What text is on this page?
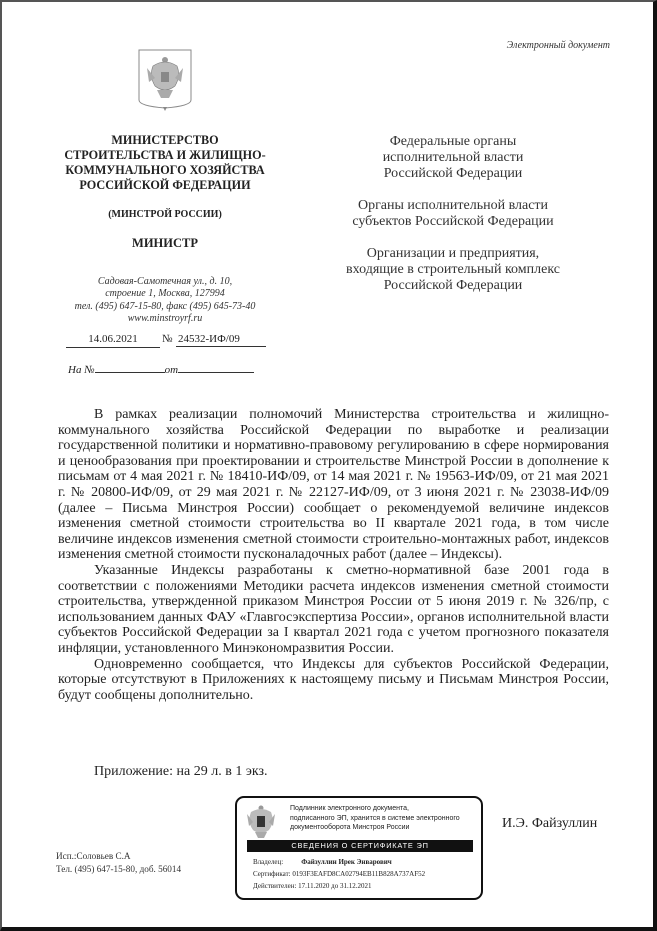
Электронный документ
МИНИСТЕРСТВО
СТРОИТЕЛЬСТВА И ЖИЛИЩНО-
КОММУНАЛЬНОГО ХОЗЯЙСТВА
РОССИЙСКОЙ ФЕДЕРАЦИИ
(МИНСТРОЙ РОССИИ)
МИНИСТР
Садовая-Самотечная ул., д. 10,
строение 1, Москва, 127994
тел. (495) 647-15-80, факс (495) 645-73-40
www.minstroyrf.ru
14.06.2021	№ 24532-ИФ/09
На №	от

Федеральные органы
исполнительной власти
Российской Федерации

Органы исполнительной власти
субъектов Российской Федерации

Организации и предприятия,
входящие в строительный комплекс
Российской Федерации

В рамках реализации полномочий Министерства строительства и жилищно-коммунального хозяйства Российской Федерации по выработке и реализации государственной политики и нормативно-правовому регулированию в сфере нормирования и ценообразования при проектировании и строительстве Минстрой России в дополнение к письмам от 4 мая 2021 г. № 18410-ИФ/09, от 14 мая 2021 г. № 19563-ИФ/09, от 21 мая 2021 г. № 20800-ИФ/09, от 29 мая 2021 г. № 22127-ИФ/09, от 3 июня 2021 г. № 23038-ИФ/09 (далее – Письма Минстроя России) сообщает о рекомендуемой величине индексов изменения сметной стоимости строительства во II квартале 2021 года, в том числе величине индексов изменения сметной стоимости строительно-монтажных работ, индексов изменения сметной стоимости пусконаладочных работ (далее – Индексы).

Указанные Индексы разработаны к сметно-нормативной базе 2001 года в соответствии с положениями Методики расчета индексов изменения сметной стоимости строительства, утвержденной приказом Минстроя России от 5 июня 2019 г. № 326/пр, с использованием данных ФАУ «Главгосэкспертиза России», органов исполнительной власти субъектов Российской Федерации за I квартал 2021 года с учетом прогнозного показателя инфляции, установленного Минэкономразвития России.

Одновременно сообщается, что Индексы для субъектов Российской Федерации, которые отсутствуют в Приложениях к настоящему письму и Письмам Минстроя России, будут сообщены дополнительно.

Приложение: на 29 л. в 1 экз.
Подлинник электронного документа,
подписанного ЭП, хранится в системе электронного
документооборота Минстроя России
СВЕДЕНИЯ О СЕРТИФИКАТЕ ЭП
Владелец:	Файзуллин Ирек Энварович
Сертификат: 0193F3EAFD8CA02794EB11B828A737AF52
Действителен: 17.11.2020 до 31.12.2021
И.Э. Файзуллин
Исп.:Соловьев С.А
Тел. (495) 647-15-80, доб. 56014
